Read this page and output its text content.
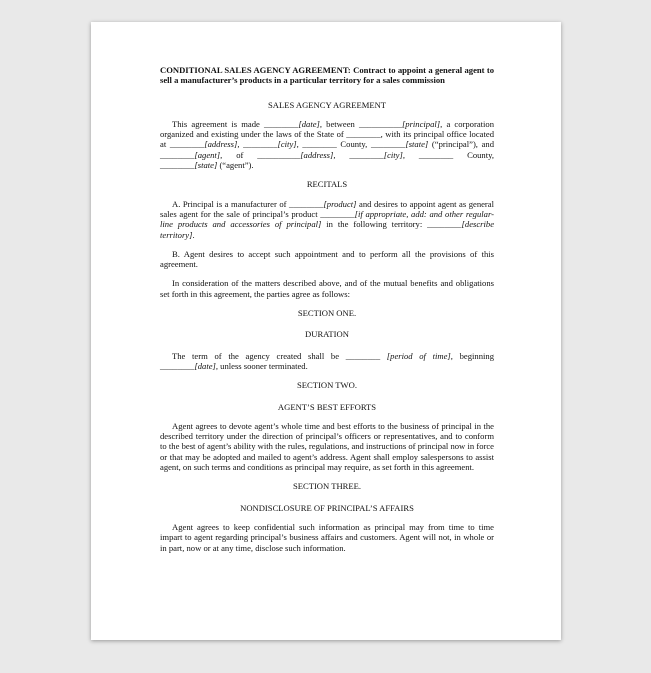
CONDITIONAL SALES AGENCY AGREEMENT: Contract to appoint a general agent to sell a manufacturer’s products in a particular territory for a sales commission
SALES AGENCY AGREEMENT

This agreement is made ________[date], between __________[principal], a corporation organized and existing under the laws of the State of ________, with its principal office located at ________[address], ________[city], ________ County, ________[state] (“principal”), and ________[agent], of __________[address], ________[city], ________ County, ________[state] (“agent”).

RECITALS

A. Principal is a manufacturer of ________[product] and desires to appoint agent as general sales agent for the sale of principal’s product ________[if appropriate, add: and other regular-line products and accessories of principal] in the following territory: ________[describe territory].

B. Agent desires to accept such appointment and to perform all the provisions of this agreement.

In consideration of the matters described above, and of the mutual benefits and obligations set forth in this agreement, the parties agree as follows:

SECTION ONE.
DURATION

The term of the agency created shall be ________ [period of time], beginning ________[date], unless sooner terminated.

SECTION TWO.
AGENT’S BEST EFFORTS

Agent agrees to devote agent’s whole time and best efforts to the business of principal in the described territory under the direction of principal’s officers or representatives, and to conform to the best of agent’s ability with the rules, regulations, and instructions of principal now in force or that may be adopted and mailed to agent’s address. Agent shall employ salespersons to assist agent, on such terms and conditions as principal may require, as set forth in this agreement.

SECTION THREE.
NONDISCLOSURE OF PRINCIPAL’S AFFAIRS

Agent agrees to keep confidential such information as principal may from time to time impart to agent regarding principal’s business affairs and customers. Agent will not, in whole or in part, now or at any time, disclose such information.
